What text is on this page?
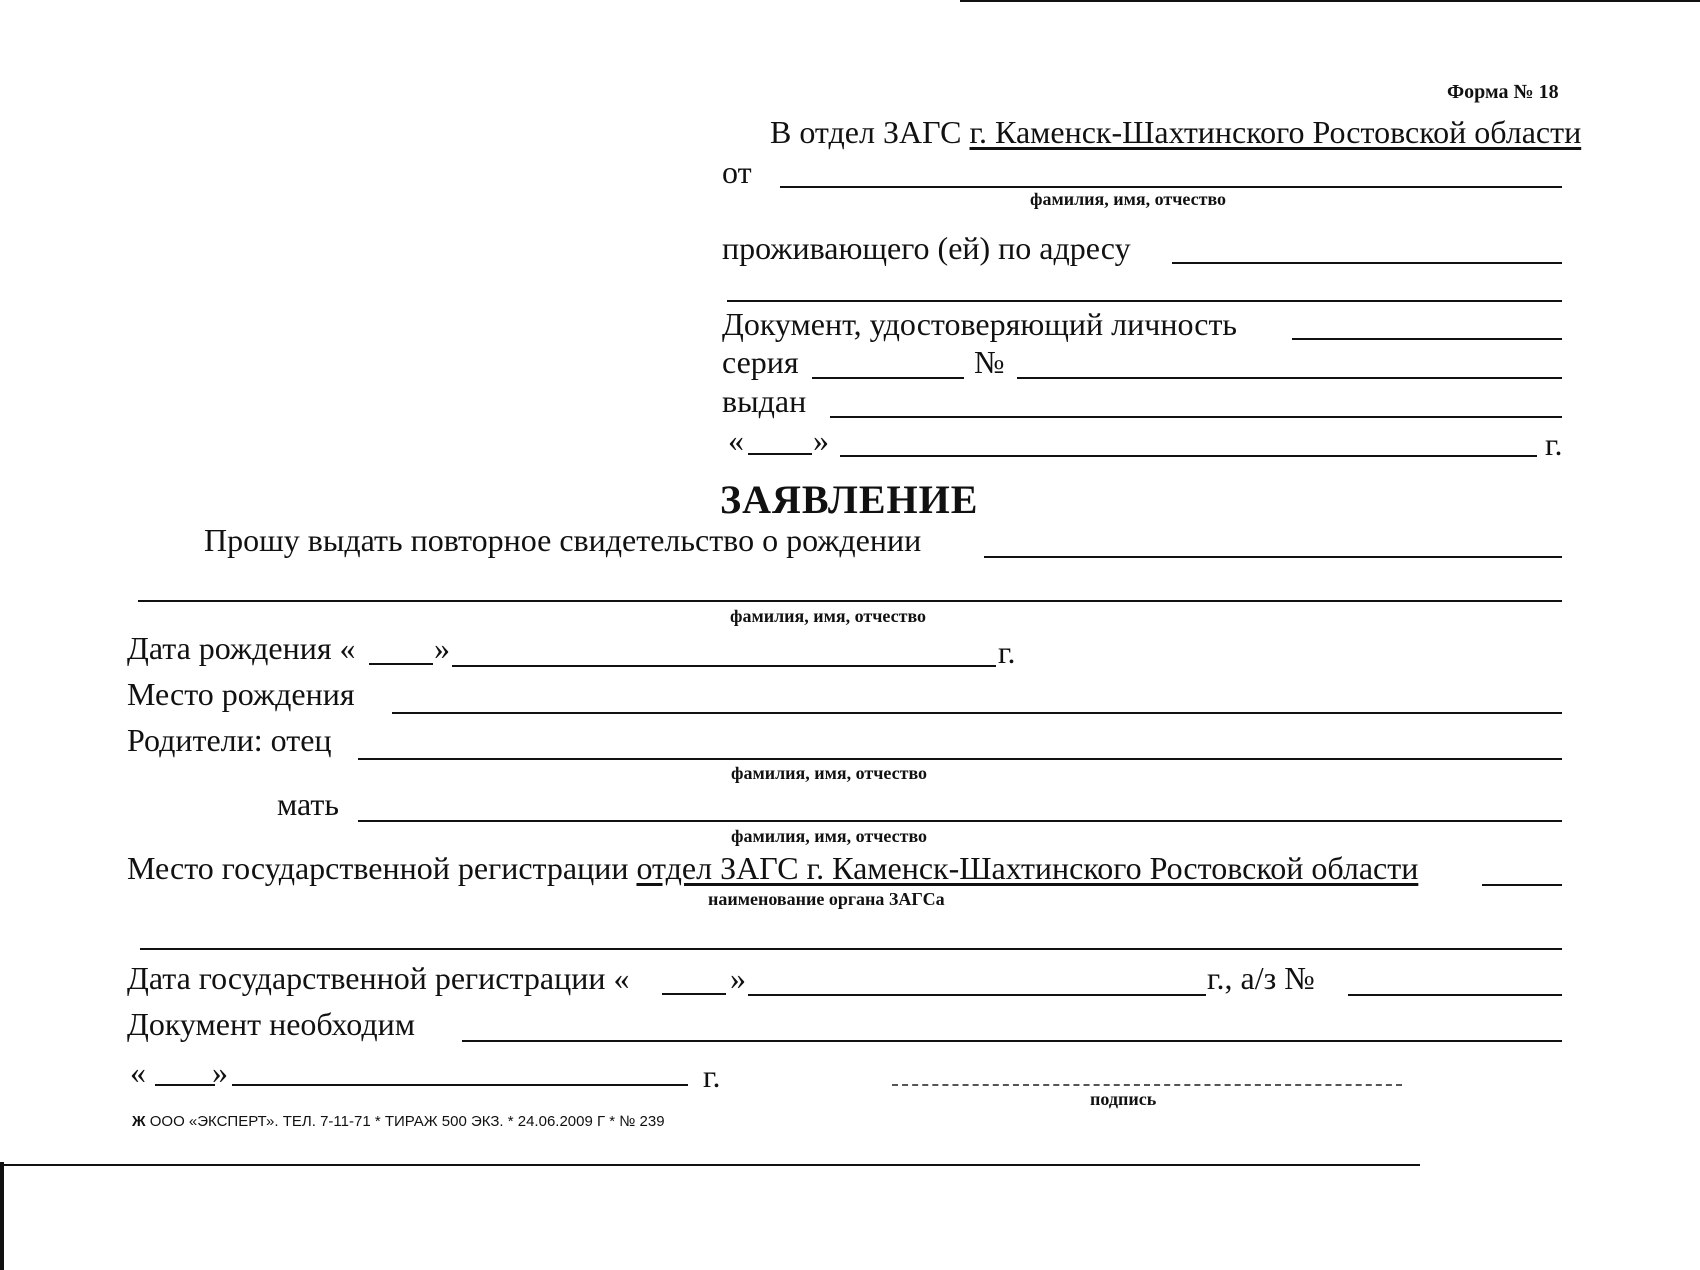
Форма № 18
В отдел ЗАГС г. Каменск-Шахтинского Ростовской области
от
фамилия, имя, отчество
проживающего (ей) по адресу
Документ, удостоверяющий личность
серия	№
выдан
« »	г.
ЗАЯВЛЕНИЕ
Прошу выдать повторное свидетельство о рождении
фамилия, имя, отчество
Дата рождения « »	г.
Место рождения
Родители: отец
фамилия, имя, отчество
мать
фамилия, имя, отчество
Место государственной регистрации отдел ЗАГС г. Каменск-Шахтинского Ростовской области
наименование органа ЗАГСа
Дата государственной регистрации «	»	г., а/з №
Документ необходим
« »	г.
подпись
Ж ООО «ЭКСПЕРТ». ТЕЛ. 7-11-71 * ТИРАЖ 500 ЭКЗ. * 24.06.2009 Г * № 239
